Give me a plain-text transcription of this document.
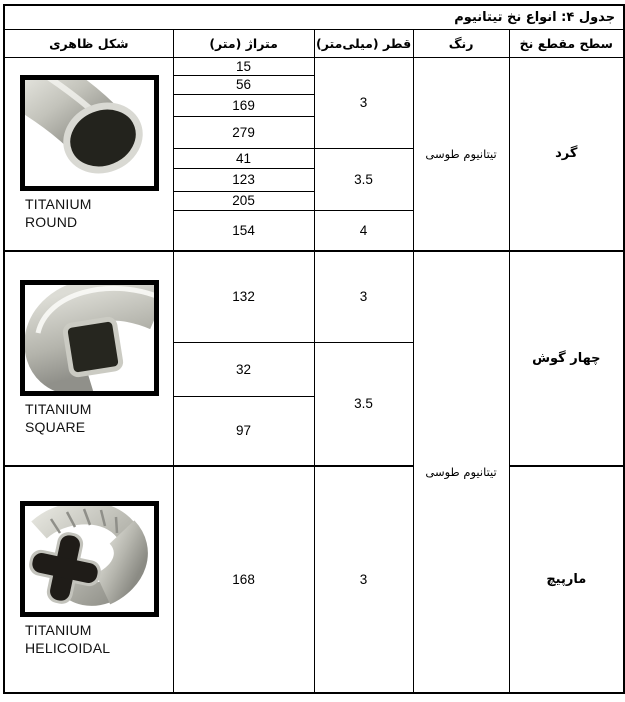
جدول ۴: انواع نخ تیتانیوم				
سطح مقطع نخ	رنگ	قطر (میلی‌متر)	متراژ (متر)	شکل ظاهری
گرد	تیتانیوم طوسی	3	15	TITANIUM
ROUND

			56	
			169	
			279	
		3.5	41	
			123	
			205	
		4	154	
چهار گوش	تیتانیوم طوسی	3	132	TITANIUM
SQUARE

		3.5	32	
			97	
مارپیچ		3	168	TITANIUM
HELICOIDAL
